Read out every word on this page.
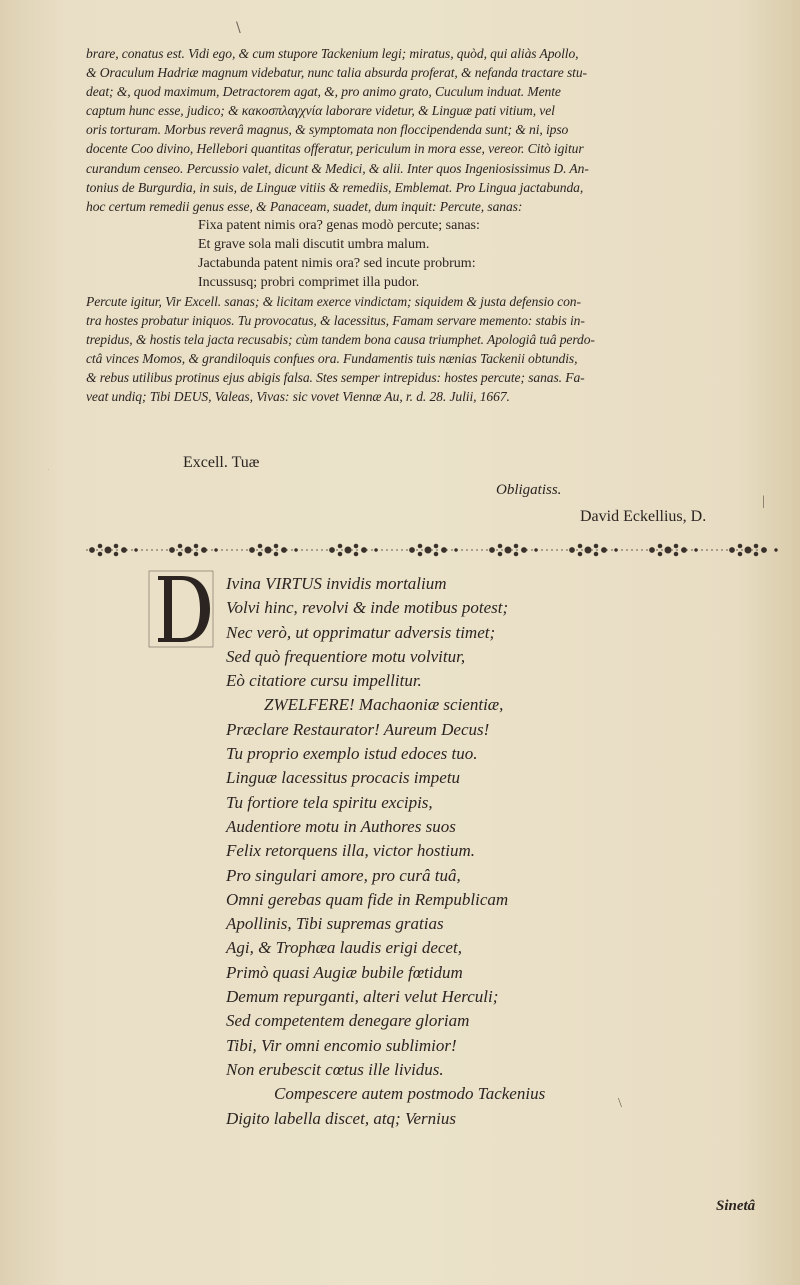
\
brare, conatus est. Vidi ego, & cum stupore Tackenium legi; miratus, quòd, qui aliàs Apollo,
& Oraculum Hadriæ magnum videbatur, nunc talia absurda proferat, & nefanda tractare stu-
deat; &, quod maximum, Detractorem agat, &, pro animo grato, Cuculum induat. Mente
captum hunc esse, judico; & κακοσπλαγχνία laborare videtur, & Linguæ pati vitium, vel
oris torturam. Morbus reverâ magnus, & symptomata non floccipendenda sunt; & ni, ipso
docente Coo divino, Hellebori quantitas offeratur, periculum in mora esse, vereor. Citò igitur
curandum censeo. Percussio valet, dicunt & Medici, & alii. Inter quos Ingeniosissimus D. An-
tonius de Burgurdia, in suis, de Linguæ vitiis & remediis, Emblemat. Pro Lingua jactabunda,
hoc certum remedii genus esse, & Panaceam, suadet, dum inquit: Percute, sanas:
Fixa patent nimis ora? genas modò percute; sanas:
Et grave sola mali discutit umbra malum.
Jactabunda patent nimis ora? sed incute probrum:
Incussusq; probri comprimet illa pudor.
Percute igitur, Vir Excell. sanas; & licitam exerce vindictam; siquidem & justa defensio con-
tra hostes probatur iniquos. Tu provocatus, & lacessitus, Famam servare memento: stabis in-
trepidus, & hostis tela jacta recusabis; cùm tandem bona causa triumphet. Apologiâ tuâ perdo-
ctâ vinces Momos, & grandiloquis confues ora. Fundamentis tuis nænias Tackenii obtundis,
& rebus utilibus protinus ejus abigis falsa. Stes semper intrepidus: hostes percute; sanas. Fa-
veat undiq; Tibi DEUS, Valeas, Vivas: sic vovet Viennæ Au, r. d. 28. Julii, 1667.
Excell. Tuæ
Obligatiss.
David Eckellius, D.
D
Ivina VIRTUS invidis mortalium
Volvi hinc, revolvi & inde motibus potest;
Nec verò, ut opprimatur adversis timet;
Sed quò frequentiore motu volvitur,
Eò citatiore cursu impellitur.
ZWELFERE! Machaoniæ scientiæ,
Præclare Restaurator! Aureum Decus!
Tu proprio exemplo istud edoces tuo.
Linguæ lacessitus procacis impetu
Tu fortiore tela spiritu excipis,
Audentiore motu in Authores suos
Felix retorquens illa, victor hostium.
Pro singulari amore, pro curâ tuâ,
Omni gerebas quam fide in Rempublicam
Apollinis, Tibi supremas gratias
Agi, & Trophæa laudis erigi decet,
Primò quasi Augiæ bubile fœtidum
Demum repurganti, alteri velut Herculi;
Sed competentem denegare gloriam
Tibi, Vir omni encomio sublimior!
Non erubescit cœtus ille lividus.
Compescere autem postmodo Tackenius
Digito labella discet, atq; Vernius
Sinetâ
\
|
